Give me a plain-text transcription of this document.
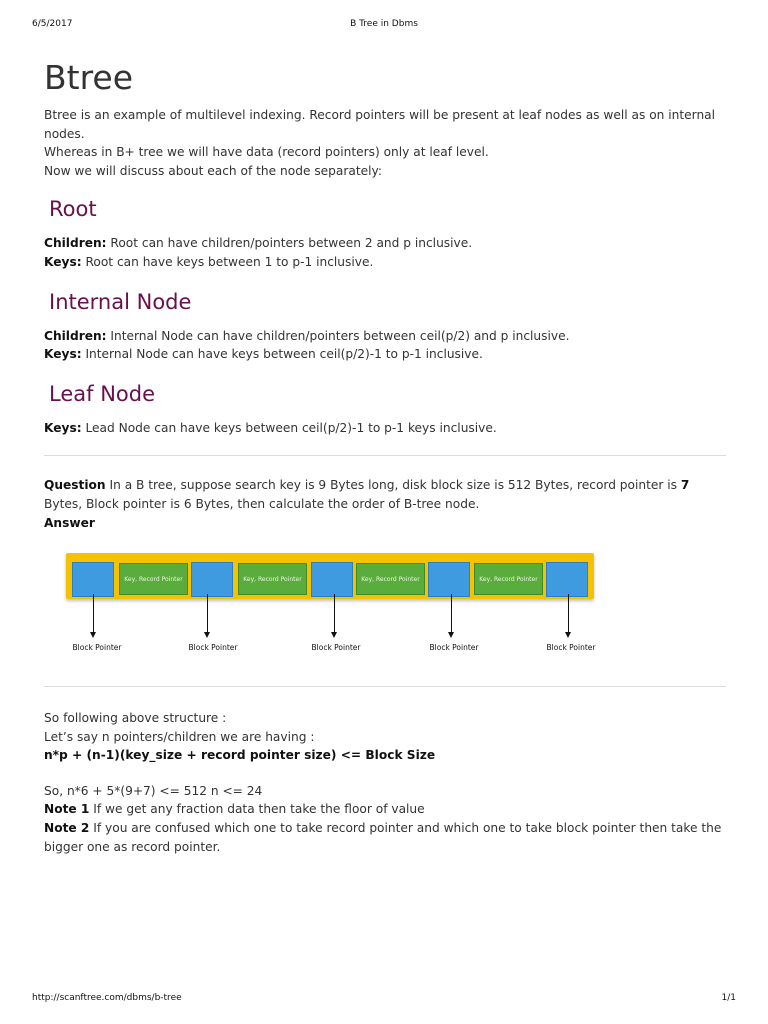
6/5/2017	B Tree in Dbms
Btree

Btree is an example of multilevel indexing. Record pointers will be present at leaf nodes as well as on internal nodes.

Whereas in B+ tree we will have data (record pointers) only at leaf level.

Now we will discuss about each of the node separately:

Root

Children: Root can have children/pointers between 2 and p inclusive.

Keys: Root can have keys between 1 to p-1 inclusive.

Internal Node

Children: Internal Node can have children/pointers between ceil(p/2) and p inclusive.

Keys: Internal Node can have keys between ceil(p/2)-1 to p-1 inclusive.

Leaf Node

Keys: Lead Node can have keys between ceil(p/2)-1 to p-1 keys inclusive.

Question In a B tree, suppose search key is 9 Bytes long, disk block size is 512 Bytes, record pointer is 7 Bytes, Block pointer is 6 Bytes, then calculate the order of B-tree node.

Answer

Key, Record Pointer	Key, Record Pointer	Key, Record Pointer	Key, Record Pointer
Block Pointer	Block Pointer	Block Pointer	Block Pointer	Block Pointer

So following above structure :

Let’s say n pointers/children we are having :

n*p + (n-1)(key_size + record pointer size) <= Block Size

So, n*6 + 5*(9+7) <= 512 n <= 24

Note 1 If we get any fraction data then take the floor of value

Note 2 If you are confused which one to take record pointer and which one to take block pointer then take the bigger one as record pointer.

http://scanftree.com/dbms/b-tree	1/1
